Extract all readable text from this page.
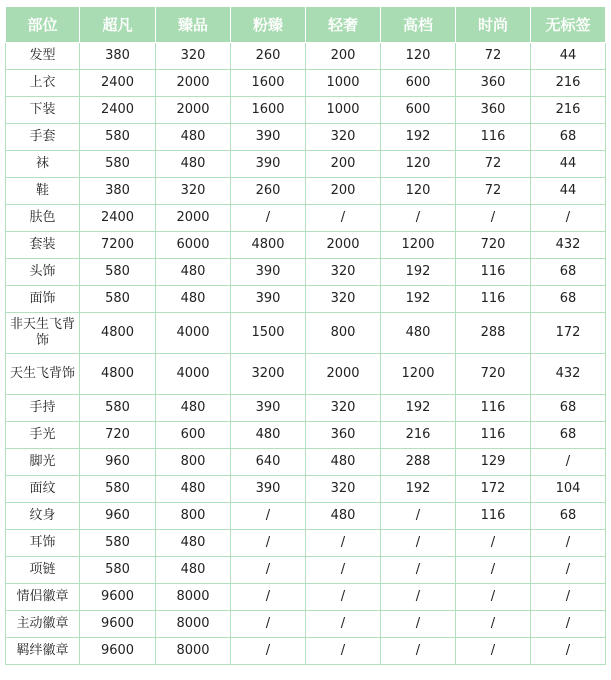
部位	超凡	臻品	粉臻	轻奢	高档	时尚	无标签
发型	380	320	260	200	120	72	44
上衣	2400	2000	1600	1000	600	360	216
下装	2400	2000	1600	1000	600	360	216
手套	580	480	390	320	192	116	68
袜	580	480	390	200	120	72	44
鞋	380	320	260	200	120	72	44
肤色	2400	2000	/	/	/	/	/
套装	7200	6000	4800	2000	1200	720	432
头饰	580	480	390	320	192	116	68
面饰	580	480	390	320	192	116	68
非天生飞背饰	4800	4000	1500	800	480	288	172
天生飞背饰	4800	4000	3200	2000	1200	720	432
手持	580	480	390	320	192	116	68
手光	720	600	480	360	216	116	68
脚光	960	800	640	480	288	129	/
面纹	580	480	390	320	192	172	104
纹身	960	800	/	480	/	116	68
耳饰	580	480	/	/	/	/	/
项链	580	480	/	/	/	/	/
情侣徽章	9600	8000	/	/	/	/	/
主动徽章	9600	8000	/	/	/	/	/
羁绊徽章	9600	8000	/	/	/	/	/
